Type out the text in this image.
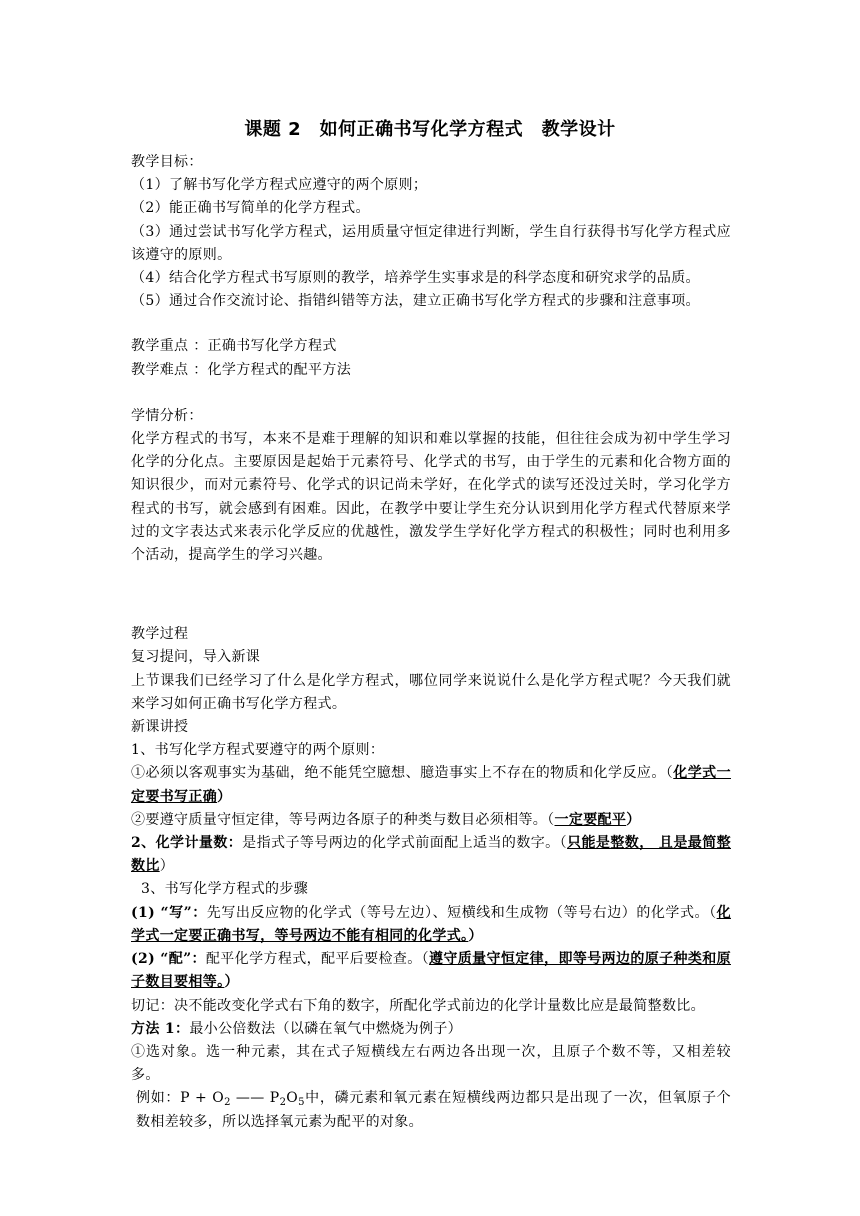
课题 2　如何正确书写化学方程式　教学设计

教学目标：

（1）了解书写化学方程式应遵守的两个原则；

（2）能正确书写简单的化学方程式。

（3）通过尝试书写化学方程式，运用质量守恒定律进行判断，学生自行获得书写化学方程式应该遵守的原则。

（4）结合化学方程式书写原则的教学，培养学生实事求是的科学态度和研究求学的品质。

（5）通过合作交流讨论、指错纠错等方法，建立正确书写化学方程式的步骤和注意事项。

教学重点 ：正确书写化学方程式

教学难点 ：化学方程式的配平方法

学情分析：

化学方程式的书写，本来不是难于理解的知识和难以掌握的技能，但往往会成为初中学生学习化学的分化点。主要原因是起始于元素符号、化学式的书写，由于学生的元素和化合物方面的知识很少，而对元素符号、化学式的识记尚未学好，在化学式的读写还没过关时，学习化学方程式的书写，就会感到有困难。因此，在教学中要让学生充分认识到用化学方程式代替原来学过的文字表达式来表示化学反应的优越性，激发学生学好化学方程式的积极性；同时也利用多个活动，提高学生的学习兴趣。

教学过程

复习提问，导入新课

上节课我们已经学习了什么是化学方程式，哪位同学来说说什么是化学方程式呢？今天我们就来学习如何正确书写化学方程式。

新课讲授

1、书写化学方程式要遵守的两个原则：

①必须以客观事实为基础，绝不能凭空臆想、臆造事实上不存在的物质和化学反应。（化学式一定要书写正确）

②要遵守质量守恒定律，等号两边各原子的种类与数目必须相等。（一定要配平）

2、化学计量数：是指式子等号两边的化学式前面配上适当的数字。（只能是整数， 且是最简整数比）

3、书写化学方程式的步骤

(1) “写”：先写出反应物的化学式（等号左边）、短横线和生成物（等号右边）的化学式。（化学式一定要正确书写，等号两边不能有相同的化学式。）

(2) “配”：配平化学方程式，配平后要检查。（遵守质量守恒定律，即等号两边的原子种类和原子数目要相等。）

切记：决不能改变化学式右下角的数字，所配化学式前边的化学计量数比应是最简整数比。

方法 1：最小公倍数法（以磷在氧气中燃烧为例子）

①选对象。选一种元素，其在式子短横线左右两边各出现一次，且原子个数不等，又相差较多。

例如：$P + O_2$ —— $P_2O_5$中，磷元素和氧元素在短横线两边都只是出现了一次，但氧原子个数相差较多，所以选择氧元素为配平的对象。
